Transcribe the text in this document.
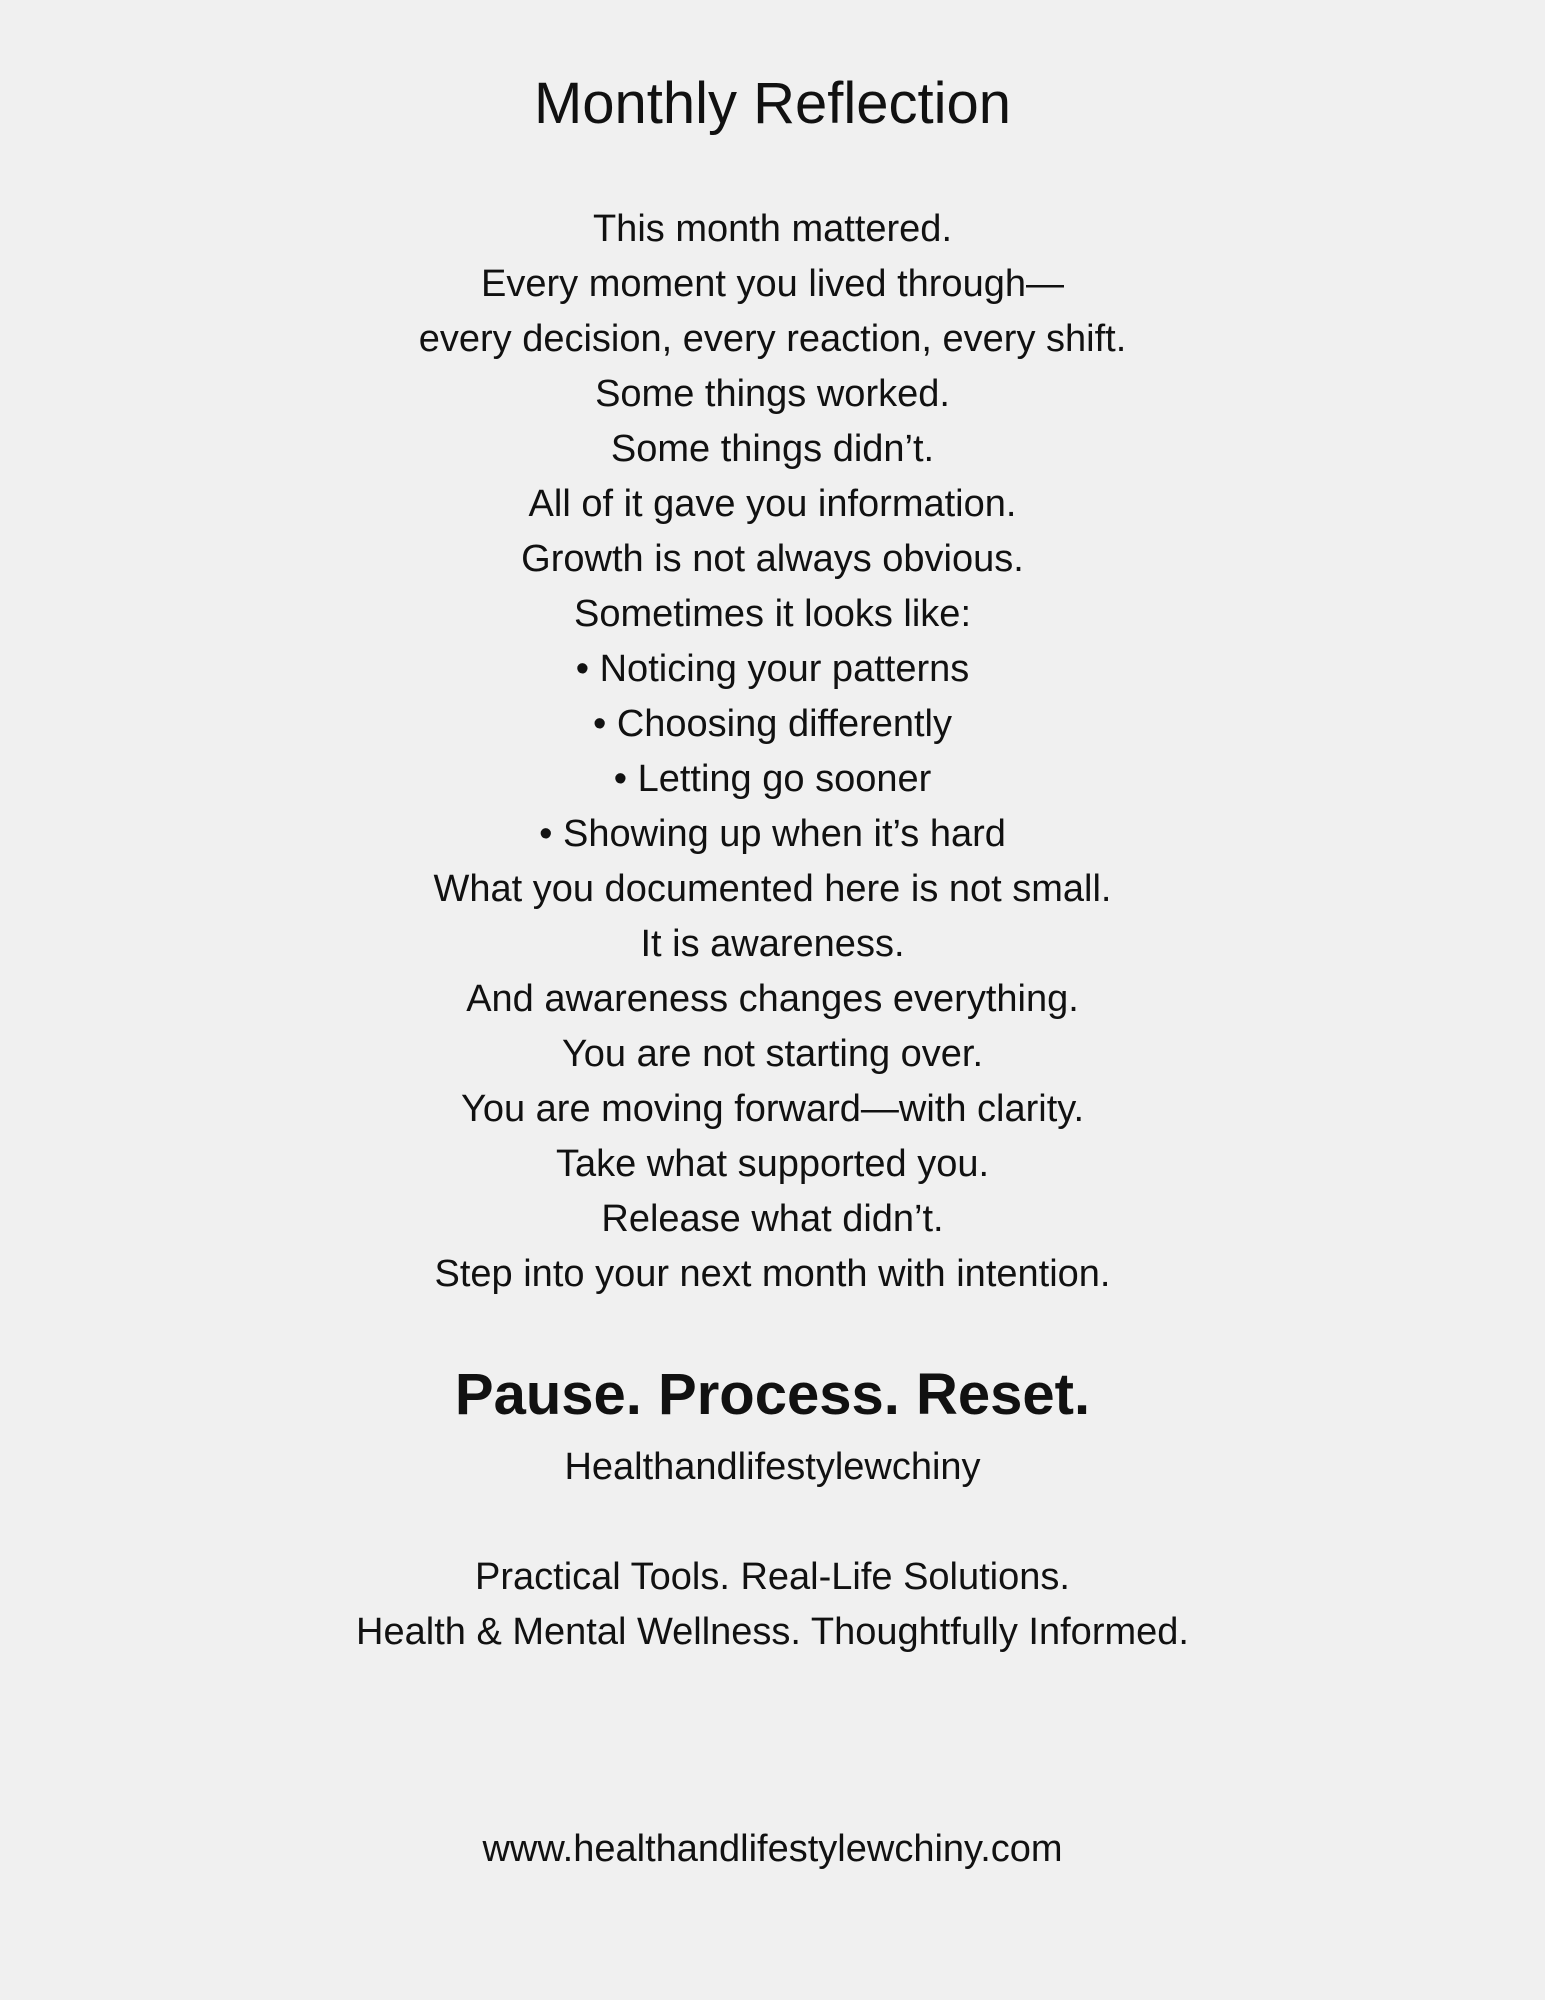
Monthly Reflection
This month mattered.
Every moment you lived through—
every decision, every reaction, every shift.
Some things worked.
Some things didn’t.
All of it gave you information.
Growth is not always obvious.
Sometimes it looks like:
• Noticing your patterns
• Choosing differently
• Letting go sooner
• Showing up when it’s hard
What you documented here is not small.
It is awareness.
And awareness changes everything.
You are not starting over.
You are moving forward—with clarity.
Take what supported you.
Release what didn’t.
Step into your next month with intention.
Pause. Process. Reset.
Healthandlifestylewchiny
Practical Tools. Real-Life Solutions.
Health & Mental Wellness. Thoughtfully Informed.
www.healthandlifestylewchiny.com
